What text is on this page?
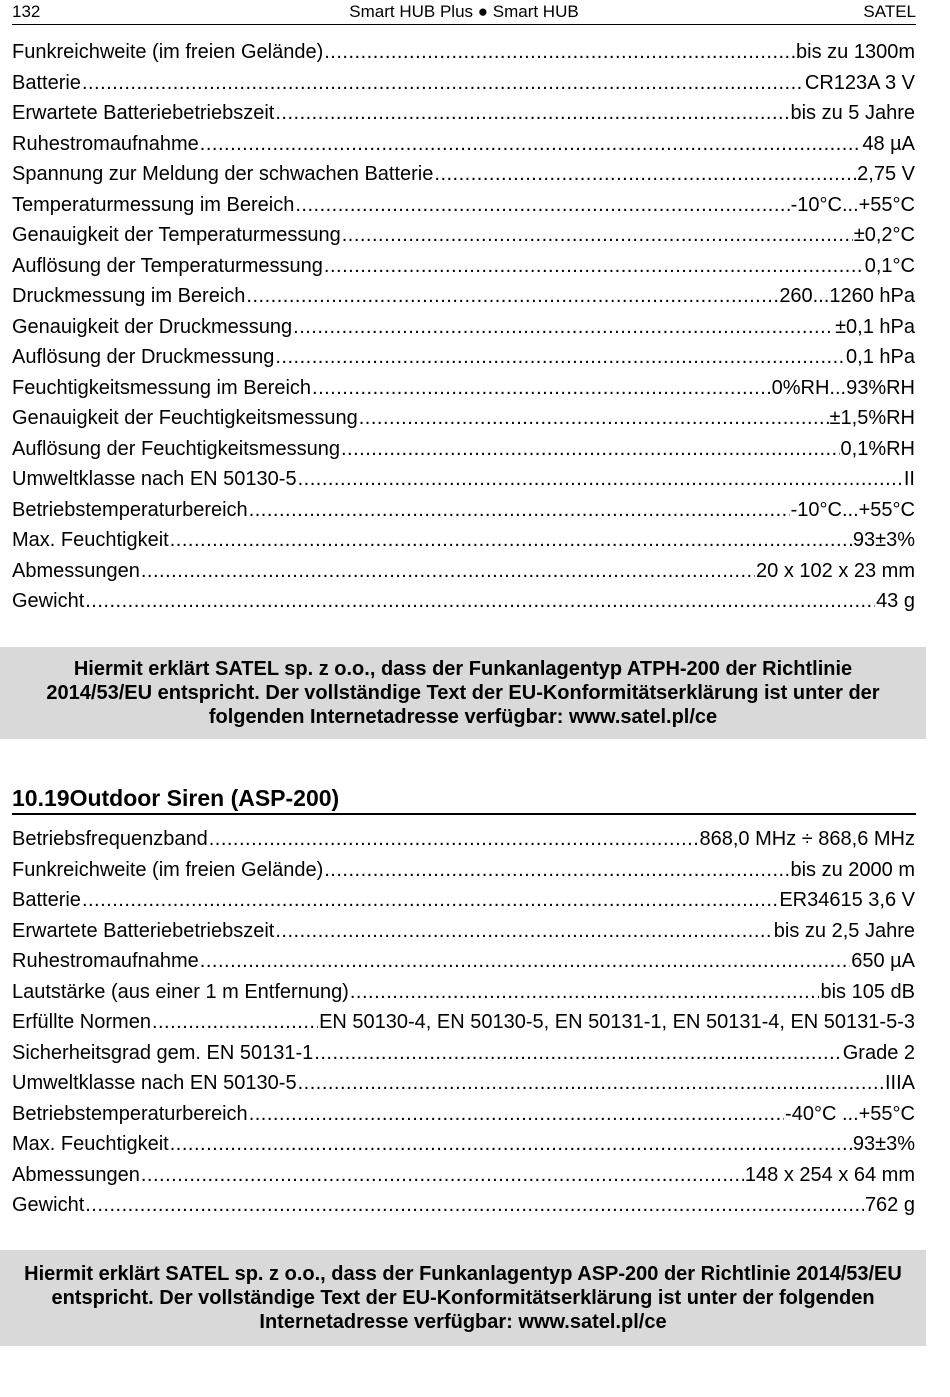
132	Smart HUB Plus ● Smart HUB	SATEL
Funkreichweite (im freien Gelände) .....	bis zu 1300m
Batterie .....	CR123A 3 V
Erwartete Batteriebetriebszeit .....	bis zu 5 Jahre
Ruhestromaufnahme .....	48 µA
Spannung zur Meldung der schwachen Batterie .....	2,75 V
Temperaturmessung im Bereich .....	-10°C...+55°C
Genauigkeit der Temperaturmessung .....	±0,2°C
Auflösung der Temperaturmessung .....	0,1°C
Druckmessung im Bereich .....	260...1260 hPa
Genauigkeit der Druckmessung .....	±0,1 hPa
Auflösung der Druckmessung .....	0,1 hPa
Feuchtigkeitsmessung im Bereich .....	0%RH...93%RH
Genauigkeit der Feuchtigkeitsmessung .....	±1,5%RH
Auflösung der Feuchtigkeitsmessung .....	0,1%RH
Umweltklasse nach EN 50130-5 .....	II
Betriebstemperaturbereich .....	-10°C...+55°C
Max. Feuchtigkeit .....	93±3%
Abmessungen .....	20 x 102 x 23 mm
Gewicht .....	43 g
Hiermit erklärt SATEL sp. z o.o., dass der Funkanlagentyp ATPH-200 der Richtlinie 2014/53/EU entspricht. Der vollständige Text der EU-Konformitätserklärung ist unter der folgenden Internetadresse verfügbar: www.satel.pl/ce
10.19Outdoor Siren (ASP-200)
Betriebsfrequenzband .....	868,0 MHz ÷ 868,6 MHz
Funkreichweite (im freien Gelände) .....	bis zu 2000 m
Batterie .....	ER34615 3,6 V
Erwartete Batteriebetriebszeit .....	bis zu 2,5 Jahre
Ruhestromaufnahme .....	650 µA
Lautstärke (aus einer 1 m Entfernung) .....	bis 105 dB
Erfüllte Normen .....	EN 50130-4, EN 50130-5, EN 50131-1, EN 50131-4, EN 50131-5-3
Sicherheitsgrad gem. EN 50131-1 .....	Grade 2
Umweltklasse nach EN 50130-5 .....	IIIA
Betriebstemperaturbereich .....	-40°C ...+55°C
Max. Feuchtigkeit .....	93±3%
Abmessungen .....	148 x 254 x 64 mm
Gewicht .....	762 g
Hiermit erklärt SATEL sp. z o.o., dass der Funkanlagentyp ASP-200 der Richtlinie 2014/53/EU entspricht. Der vollständige Text der EU-Konformitätserklärung ist unter der folgenden Internetadresse verfügbar: www.satel.pl/ce
